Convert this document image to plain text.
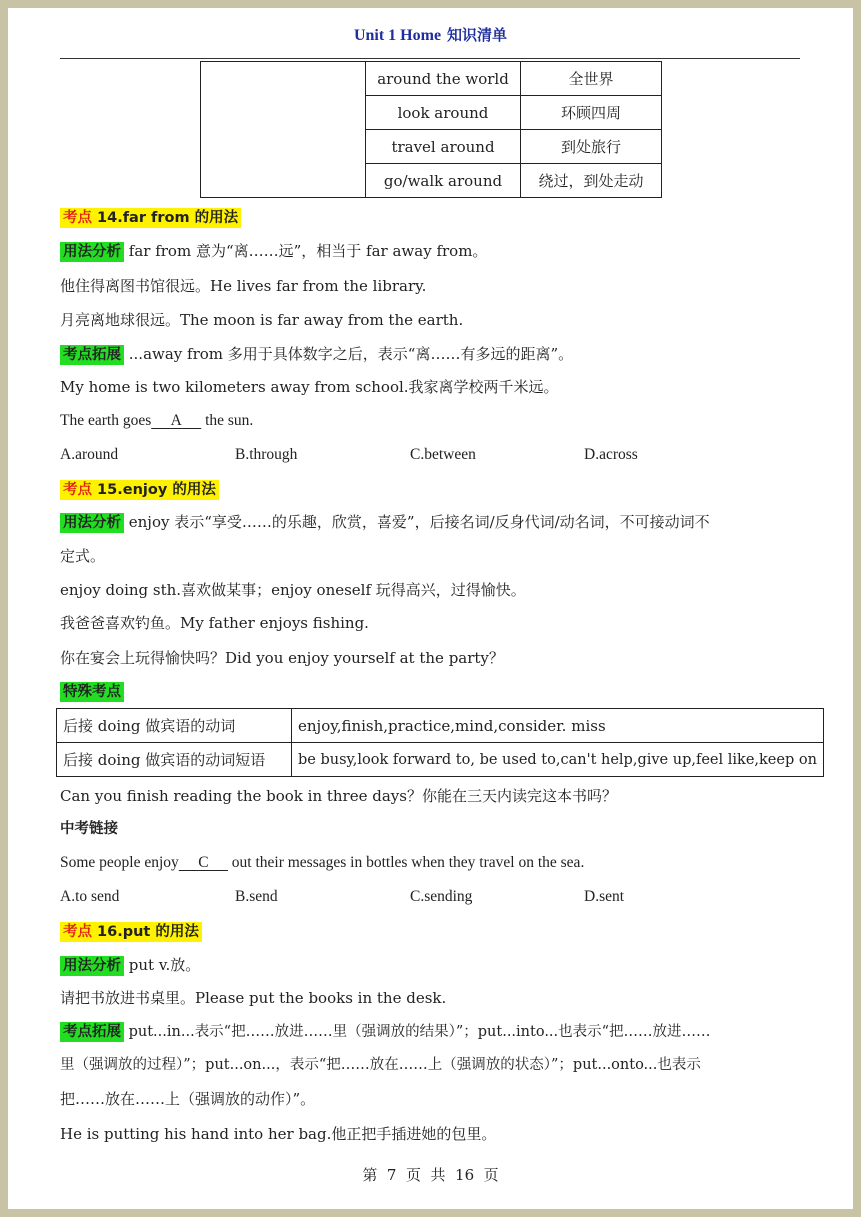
Unit 1 Home 知识清单
	around the world	全世界
	look around	环顾四周
	travel around	到处旅行
	go/walk around	绕过，到处走动
考点 14.far from 的用法
用法分析 far from 意为“离……远”，相当于 far away from。
他住得离图书馆很远。He lives far from the library.
月亮离地球很远。The moon is far away from the earth.
考点拓展 ...away from 多用于具体数字之后，表示“离……有多远的距离”。
My home is two kilometers away from school.我家离学校两千米远。
The earth goes A      the sun.
A.around	B.through	C.between	D.across
考点 15.enjoy 的用法
用法分析 enjoy 表示“享受……的乐趣，欣赏，喜爱”，后接名词/反身代词/动名词，不可接动词不
定式。
enjoy doing sth.喜欢做某事；enjoy oneself 玩得高兴，过得愉快。
我爸爸喜欢钓鱼。My father enjoys fishing.
你在宴会上玩得愉快吗？Did you enjoy yourself at the party？
特殊考点
后接 doing 做宾语的动词	enjoy,finish,practice,mind,consider. miss
后接 doing 做宾语的动词短语	be busy,look forward to, be used to,can't help,give up,feel like,keep on
Can you finish reading the book in three days？你能在三天内读完这本书吗？
中考链接
Some people enjoy C      out their messages in bottles when they travel on the sea.
A.to send	B.send	C.sending	D.sent
考点 16.put 的用法
用法分析 put v.放。
请把书放进书桌里。Please put the books in the desk.
考点拓展 put...in...表示“把……放进……里（强调放的结果）”；put...into...也表示“把……放进……
里（强调放的过程）”；put...on...，表示“把……放在……上（强调放的状态）”；put...onto...也表示
把……放在……上（强调放的动作）”。
He is putting his hand into her bag.他正把手插进她的包里。
第  7  页  共  16  页
